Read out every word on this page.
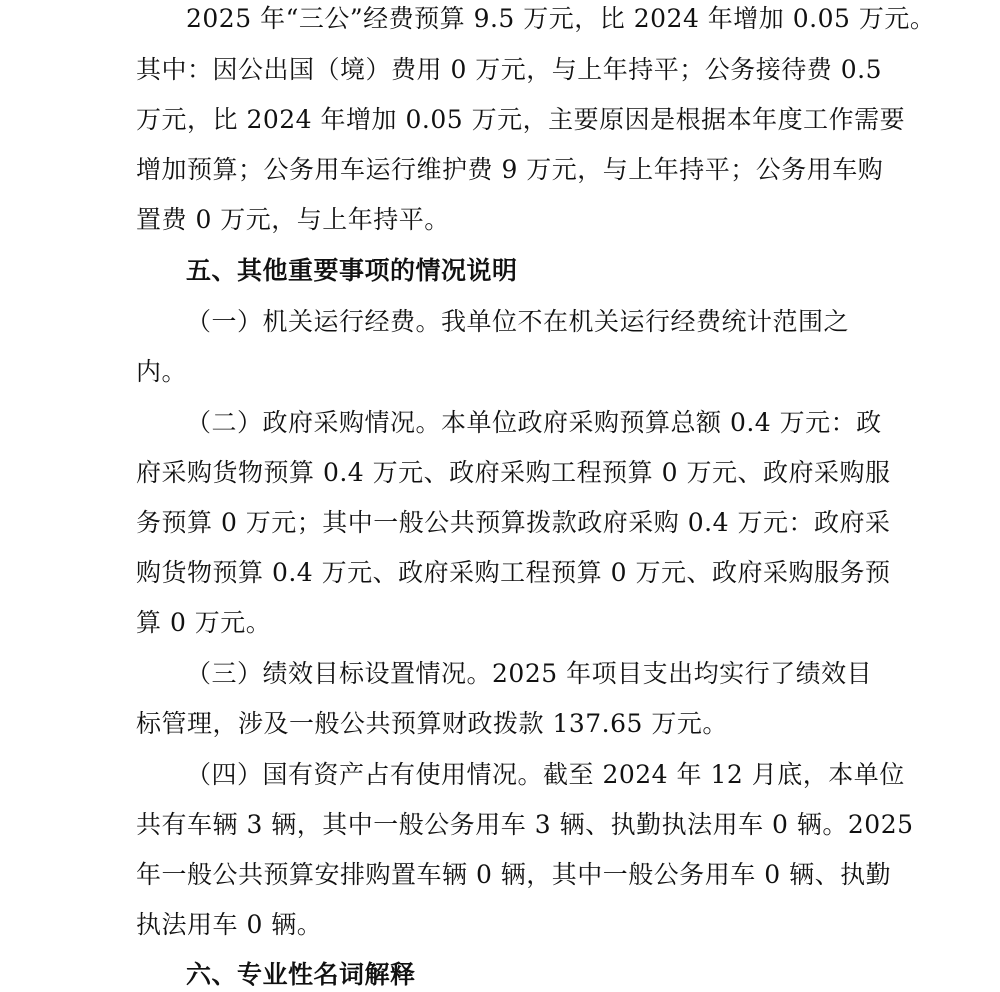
2025 年“三公”经费预算 9.5 万元，比 2024 年增加 0.05 万元。
其中：因公出国（境）费用 0 万元，与上年持平；公务接待费 0.5
万元，比 2024 年增加 0.05 万元，主要原因是根据本年度工作需要
增加预算；公务用车运行维护费 9 万元，与上年持平；公务用车购
置费 0 万元，与上年持平。
五、其他重要事项的情况说明
（一）机关运行经费。我单位不在机关运行经费统计范围之
内。
（二）政府采购情况。本单位政府采购预算总额 0.4 万元：政
府采购货物预算 0.4 万元、政府采购工程预算 0 万元、政府采购服
务预算 0 万元；其中一般公共预算拨款政府采购 0.4 万元：政府采
购货物预算 0.4 万元、政府采购工程预算 0 万元、政府采购服务预
算 0 万元。
（三）绩效目标设置情况。2025 年项目支出均实行了绩效目
标管理，涉及一般公共预算财政拨款 137.65 万元。
（四）国有资产占有使用情况。截至 2024 年 12 月底，本单位
共有车辆 3 辆，其中一般公务用车 3 辆、执勤执法用车 0 辆。2025
年一般公共预算安排购置车辆 0 辆，其中一般公务用车 0 辆、执勤
执法用车 0 辆。
六、专业性名词解释
